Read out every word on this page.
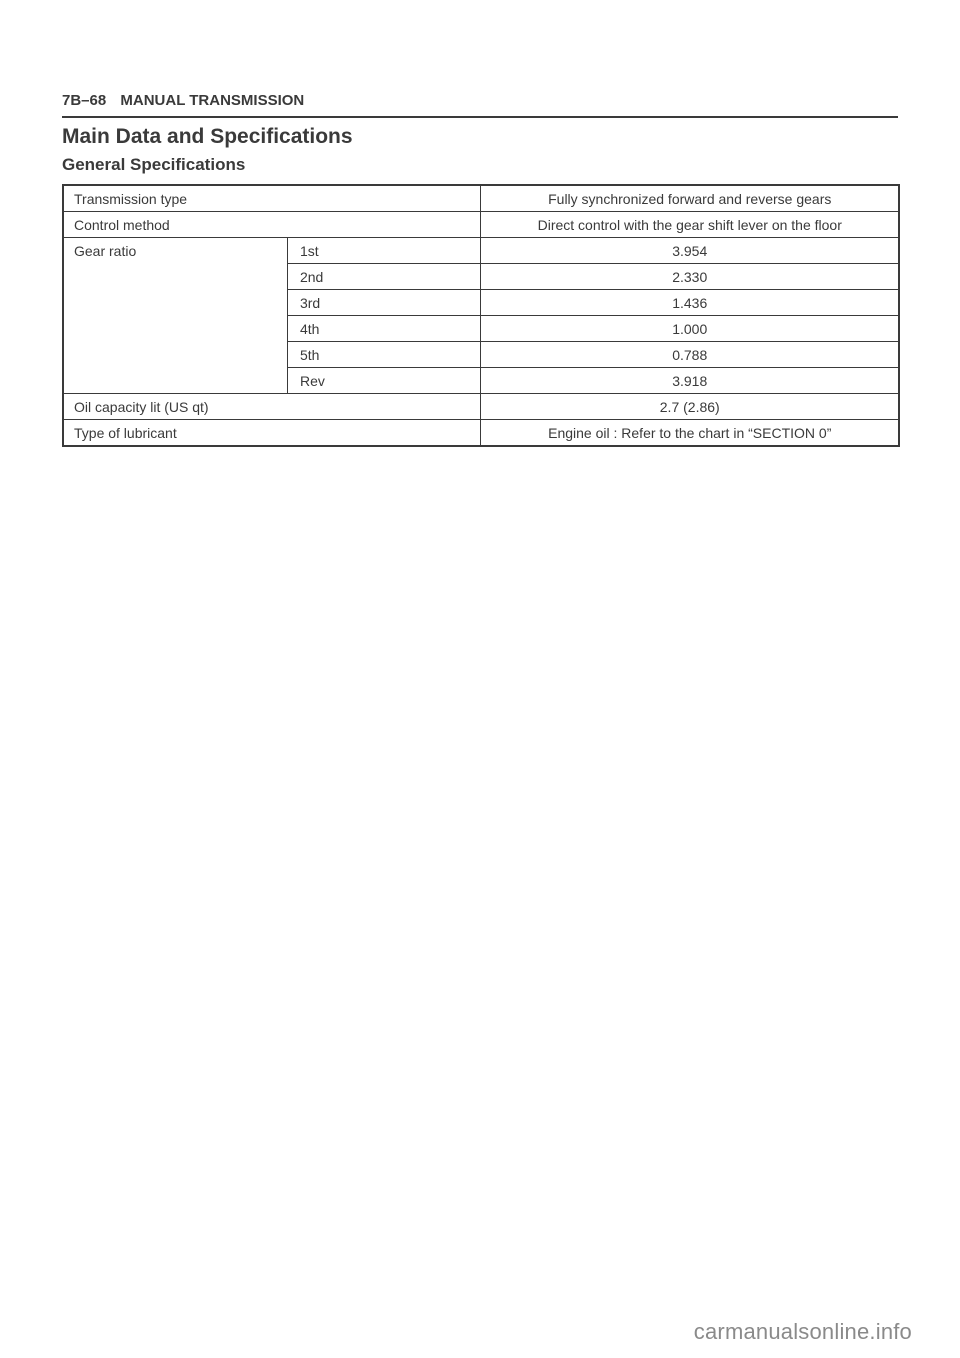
7B–68 MANUAL TRANSMISSION
Main Data and Specifications
General Specifications
Transmission type		Fully synchronized forward and reverse gears
Control method		Direct control with the gear shift lever on the floor
Gear ratio	1st	3.954
	2nd	2.330
	3rd	1.436
	4th	1.000
	5th	0.788
	Rev	3.918
Oil capacity lit (US qt)		2.7 (2.86)
Type of lubricant		Engine oil : Refer to the chart in “SECTION 0”
carmanualsonline.info
